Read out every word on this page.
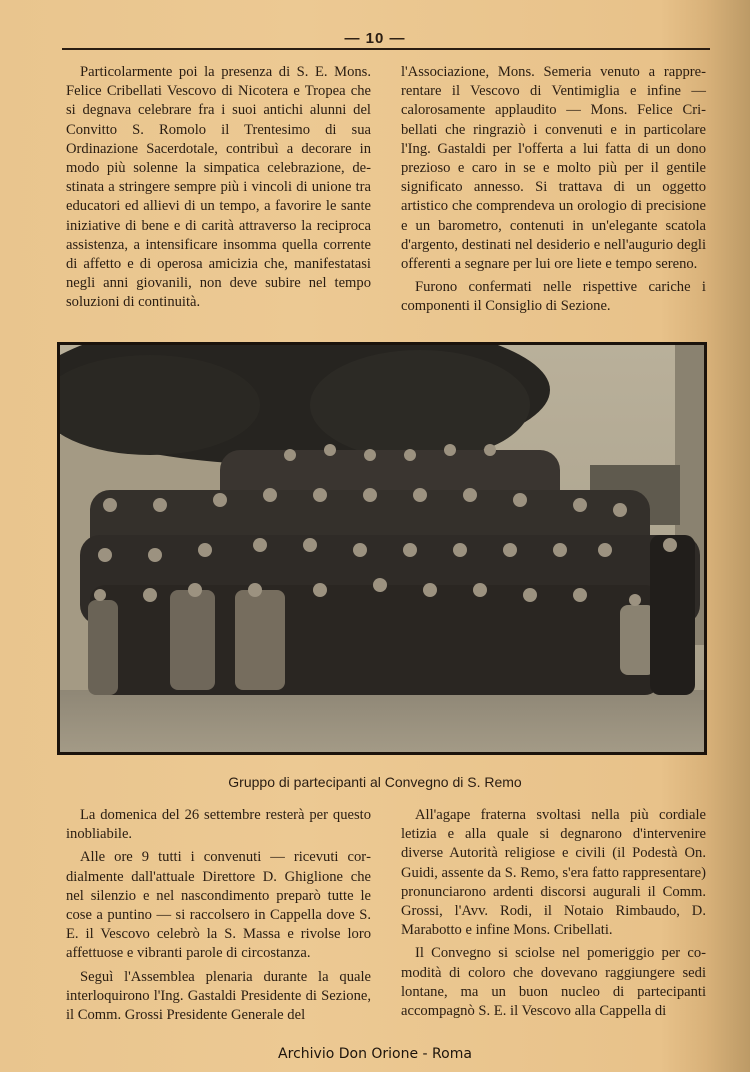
— 10 —

Particolarmente poi la presenza di S. E. Mons. Felice Cribellati Vescovo di Nicotera e Tropea che si degnava celebrare fra i suoi antichi alunni del Convitto S. Romolo il Trentesimo di sua Ordinazione Sacerdotale, contribuì a decorare in modo più solenne la simpatica celebrazione, destinata a stringere sempre più i vincoli di unione tra educatori ed allievi di un tempo, a favorire le sante iniziative di bene e di carità attraverso la reciproca assistenza, a intensificare insomma quella corrente di affetto e di operosa amicizia che, manifestatasi negli anni giovanili, non deve subire nel tempo soluzioni di continuità.

l'Associazione, Mons. Semeria venuto a rapprerentare il Vescovo di Ventimiglia e infine — calorosamente applaudito — Mons. Felice Cribellati che ringraziò i convenuti e in particolare l'Ing. Gastaldi per l'offerta a lui fatta di un dono prezioso e caro in se e molto più per il gentile significato annesso. Si trattava di un oggetto artistico che comprendeva un orologio di precisione e un barometro, contenuti in un'elegante scatola d'argento, destinati nel desiderio e nell'augurio degli offerenti a segnare per lui ore liete e tempo sereno.

Furono confermati nelle rispettive cariche i componenti il Consiglio di Sezione.

Gruppo di partecipanti al Convegno di S. Remo

La domenica del 26 settembre resterà per questo inobliabile.

Alle ore 9 tutti i convenuti — ricevuti cordialmente dall'attuale Direttore D. Ghiglione che nel silenzio e nel nascondimento preparò tutte le cose a puntino — si raccolsero in Cappella dove S. E. il Vescovo celebrò la S. Massa e rivolse loro affettuose e vibranti parole di circostanza.

Seguì l'Assemblea plenaria durante la quale interloquirono l'Ing. Gastaldi Presidente di Sezione, il Comm. Grossi Presidente Generale del

All'agape fraterna svoltasi nella più cordiale letizia e alla quale si degnarono d'intervenire diverse Autorità religiose e civili (il Podestà On. Guidi, assente da S. Remo, s'era fatto rappresentare) pronunciarono ardenti discorsi augurali il Comm. Grossi, l'Avv. Rodi, il Notaio Rimbaudo, D. Marabotto e infine Mons. Cribellati.

Il Convegno si sciolse nel pomeriggio per comodità di coloro che dovevano raggiungere sedi lontane, ma un buon nucleo di partecipanti accompagnò S. E. il Vescovo alla Cappella di

Archivio Don Orione - Roma
